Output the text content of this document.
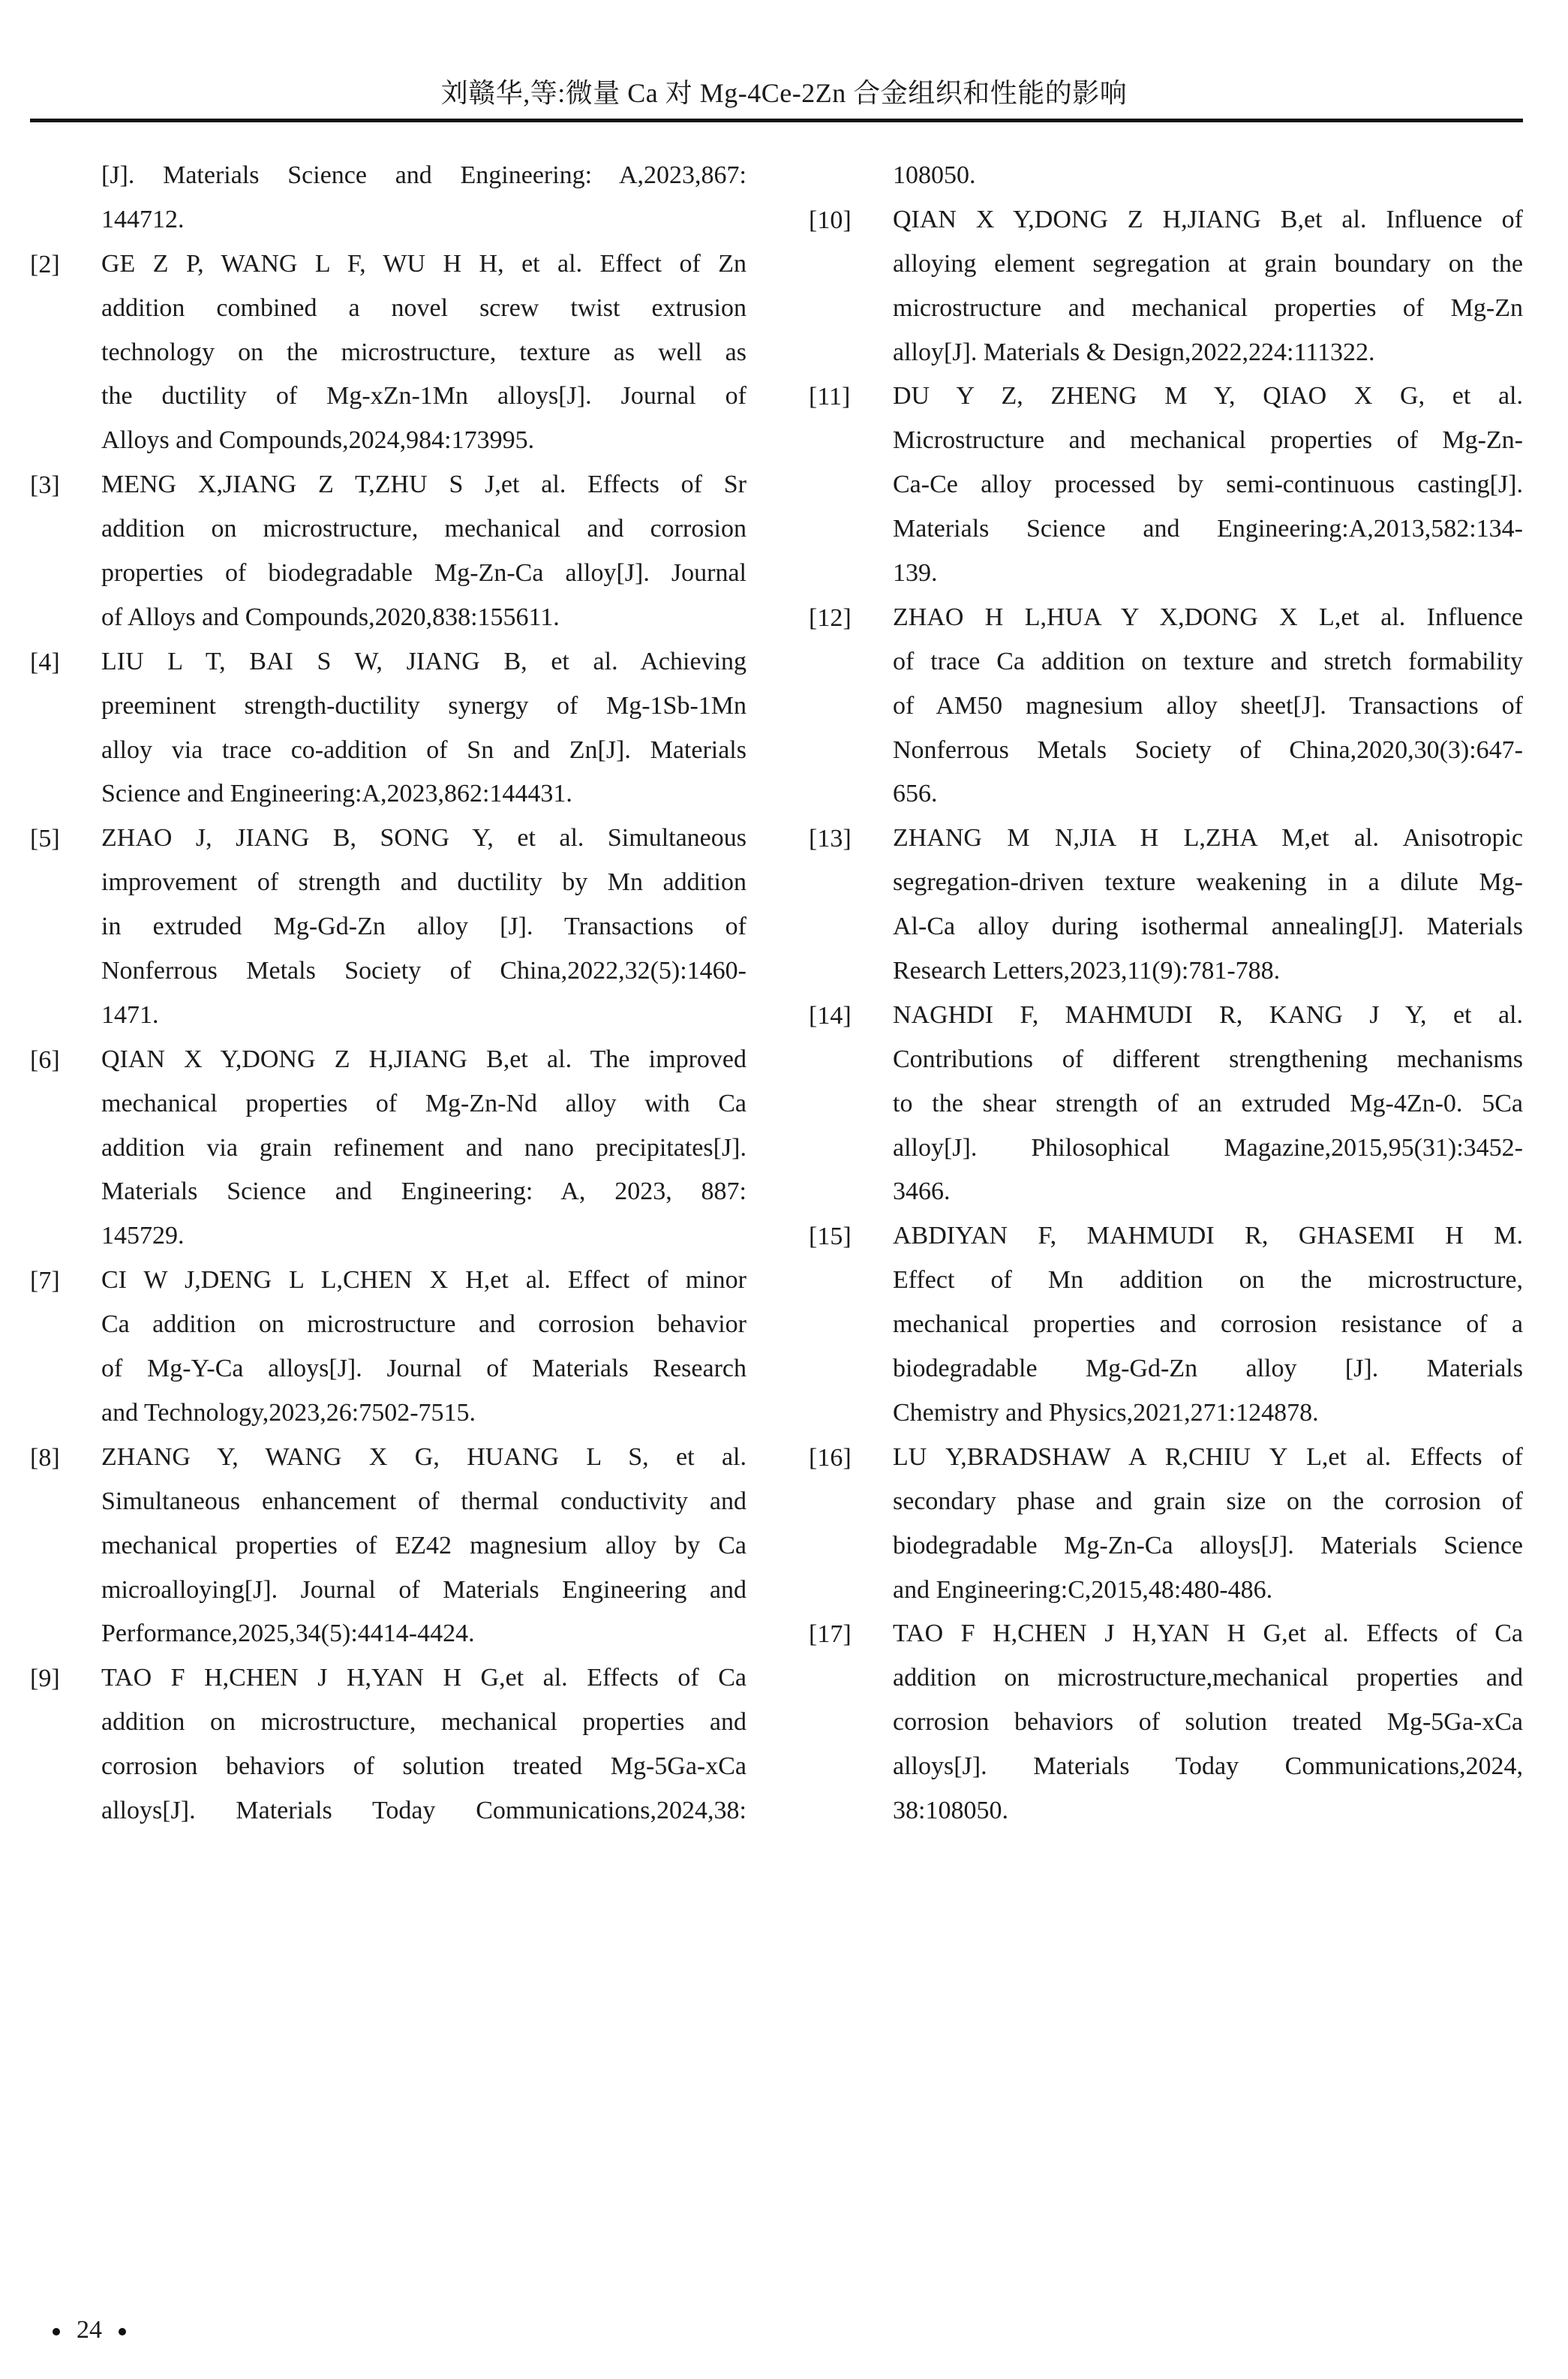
刘赣华,等:微量 Ca 对 Mg-4Ce-2Zn 合金组织和性能的影响
[J]. Materials Science and Engineering: A,2023,867:
144712.
[2] GE Z P, WANG L F, WU H H, et al. Effect of Zn
addition combined a novel screw twist extrusion
technology on the microstructure, texture as well as
the ductility of Mg-xZn-1Mn alloys[J]. Journal of
Alloys and Compounds,2024,984:173995.
[3] MENG X,JIANG Z T,ZHU S J,et al. Effects of Sr
addition on microstructure, mechanical and corrosion
properties of biodegradable Mg-Zn-Ca alloy[J]. Journal
of Alloys and Compounds,2020,838:155611.
[4] LIU L T, BAI S W, JIANG B, et al. Achieving
preeminent strength-ductility synergy of Mg-1Sb-1Mn
alloy via trace co-addition of Sn and Zn[J]. Materials
Science and Engineering:A,2023,862:144431.
[5] ZHAO J, JIANG B, SONG Y, et al. Simultaneous
improvement of strength and ductility by Mn addition
in extruded Mg-Gd-Zn alloy [J]. Transactions of
Nonferrous Metals Society of China,2022,32(5):1460-
1471.
[6] QIAN X Y,DONG Z H,JIANG B,et al. The improved
mechanical properties of Mg-Zn-Nd alloy with Ca
addition via grain refinement and nano precipitates[J].
Materials Science and Engineering: A, 2023, 887:
145729.
[7] CI W J,DENG L L,CHEN X H,et al. Effect of minor
Ca addition on microstructure and corrosion behavior
of Mg-Y-Ca alloys[J]. Journal of Materials Research
and Technology,2023,26:7502-7515.
[8] ZHANG Y, WANG X G, HUANG L S, et al.
Simultaneous enhancement of thermal conductivity and
mechanical properties of EZ42 magnesium alloy by Ca
microalloying[J]. Journal of Materials Engineering and
Performance,2025,34(5):4414-4424.
[9] TAO F H,CHEN J H,YAN H G,et al. Effects of Ca
addition on microstructure, mechanical properties and
corrosion behaviors of solution treated Mg-5Ga-xCa
alloys[J]. Materials Today Communications,2024,38:
108050.
[10] QIAN X Y,DONG Z H,JIANG B,et al. Influence of
alloying element segregation at grain boundary on the
microstructure and mechanical properties of Mg-Zn
alloy[J]. Materials & Design,2022,224:111322.
[11] DU Y Z, ZHENG M Y, QIAO X G, et al.
Microstructure and mechanical properties of Mg-Zn-
Ca-Ce alloy processed by semi-continuous casting[J].
Materials Science and Engineering:A,2013,582:134-
139.
[12] ZHAO H L,HUA Y X,DONG X L,et al. Influence
of trace Ca addition on texture and stretch formability
of AM50 magnesium alloy sheet[J]. Transactions of
Nonferrous Metals Society of China,2020,30(3):647-
656.
[13] ZHANG M N,JIA H L,ZHA M,et al. Anisotropic
segregation-driven texture weakening in a dilute Mg-
Al-Ca alloy during isothermal annealing[J]. Materials
Research Letters,2023,11(9):781-788.
[14] NAGHDI F, MAHMUDI R, KANG J Y, et al.
Contributions of different strengthening mechanisms
to the shear strength of an extruded Mg-4Zn-0. 5Ca
alloy[J]. Philosophical Magazine,2015,95(31):3452-
3466.
[15] ABDIYAN F, MAHMUDI R, GHASEMI H M.
Effect of Mn addition on the microstructure,
mechanical properties and corrosion resistance of a
biodegradable Mg-Gd-Zn alloy [J]. Materials
Chemistry and Physics,2021,271:124878.
[16] LU Y,BRADSHAW A R,CHIU Y L,et al. Effects of
secondary phase and grain size on the corrosion of
biodegradable Mg-Zn-Ca alloys[J]. Materials Science
and Engineering:C,2015,48:480-486.
[17] TAO F H,CHEN J H,YAN H G,et al. Effects of Ca
addition on microstructure,mechanical properties and
corrosion behaviors of solution treated Mg-5Ga-xCa
alloys[J]. Materials Today Communications,2024,
38:108050.
24
